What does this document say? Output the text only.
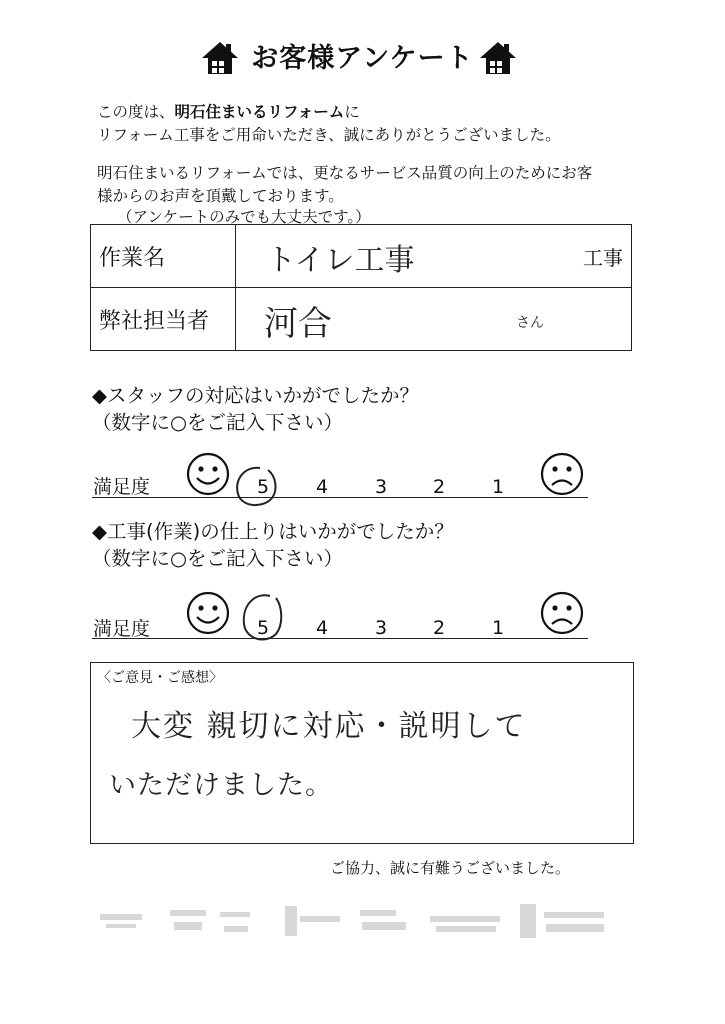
お客様アンケート
この度は、明石住まいるリフォームに
リフォーム工事をご用命いただき、誠にありがとうございました。
明石住まいるリフォームでは、更なるサービス品質の向上のためにお客
様からのお声を頂戴しております。
（アンケートのみでも大丈夫です。）
作業名	トイレ工事 工事

弊社担当者	河合 さん
◆スタッフの対応はいかがでしたか？
（数字に○をご記入下さい）
満足度	5	4	3	2	1
◆工事(作業)の仕上りはいかがでしたか？
（数字に○をご記入下さい）
満足度	5	4	3	2	1
〈ご意見・ご感想〉
大変 親切に対応・説明して
いただけました。
ご協力、誠に有難うございました。
